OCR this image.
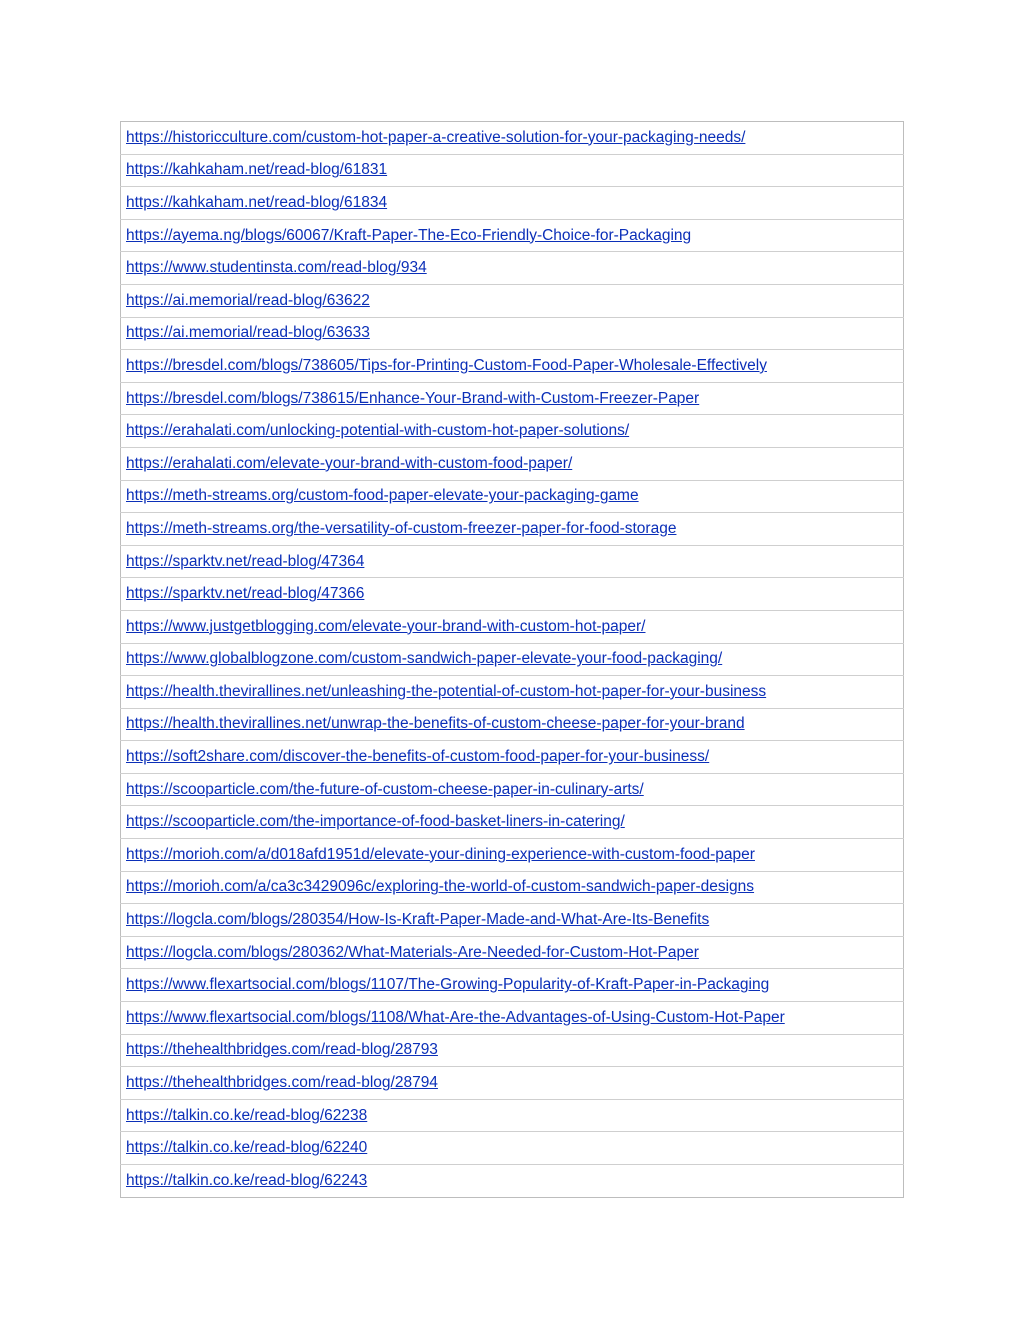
https://historicculture.com/custom-hot-paper-a-creative-solution-for-your-packaging-needs/
https://kahkaham.net/read-blog/61831
https://kahkaham.net/read-blog/61834
https://ayema.ng/blogs/60067/Kraft-Paper-The-Eco-Friendly-Choice-for-Packaging
https://www.studentinsta.com/read-blog/934
https://ai.memorial/read-blog/63622
https://ai.memorial/read-blog/63633
https://bresdel.com/blogs/738605/Tips-for-Printing-Custom-Food-Paper-Wholesale-Effectively
https://bresdel.com/blogs/738615/Enhance-Your-Brand-with-Custom-Freezer-Paper
https://erahalati.com/unlocking-potential-with-custom-hot-paper-solutions/
https://erahalati.com/elevate-your-brand-with-custom-food-paper/
https://meth-streams.org/custom-food-paper-elevate-your-packaging-game
https://meth-streams.org/the-versatility-of-custom-freezer-paper-for-food-storage
https://sparktv.net/read-blog/47364
https://sparktv.net/read-blog/47366
https://www.justgetblogging.com/elevate-your-brand-with-custom-hot-paper/
https://www.globalblogzone.com/custom-sandwich-paper-elevate-your-food-packaging/
https://health.thevirallines.net/unleashing-the-potential-of-custom-hot-paper-for-your-business
https://health.thevirallines.net/unwrap-the-benefits-of-custom-cheese-paper-for-your-brand
https://soft2share.com/discover-the-benefits-of-custom-food-paper-for-your-business/
https://scooparticle.com/the-future-of-custom-cheese-paper-in-culinary-arts/
https://scooparticle.com/the-importance-of-food-basket-liners-in-catering/
https://morioh.com/a/d018afd1951d/elevate-your-dining-experience-with-custom-food-paper
https://morioh.com/a/ca3c3429096c/exploring-the-world-of-custom-sandwich-paper-designs
https://logcla.com/blogs/280354/How-Is-Kraft-Paper-Made-and-What-Are-Its-Benefits
https://logcla.com/blogs/280362/What-Materials-Are-Needed-for-Custom-Hot-Paper
https://www.flexartsocial.com/blogs/1107/The-Growing-Popularity-of-Kraft-Paper-in-Packaging
https://www.flexartsocial.com/blogs/1108/What-Are-the-Advantages-of-Using-Custom-Hot-Paper
https://thehealthbridges.com/read-blog/28793
https://thehealthbridges.com/read-blog/28794
https://talkin.co.ke/read-blog/62238
https://talkin.co.ke/read-blog/62240
https://talkin.co.ke/read-blog/62243
